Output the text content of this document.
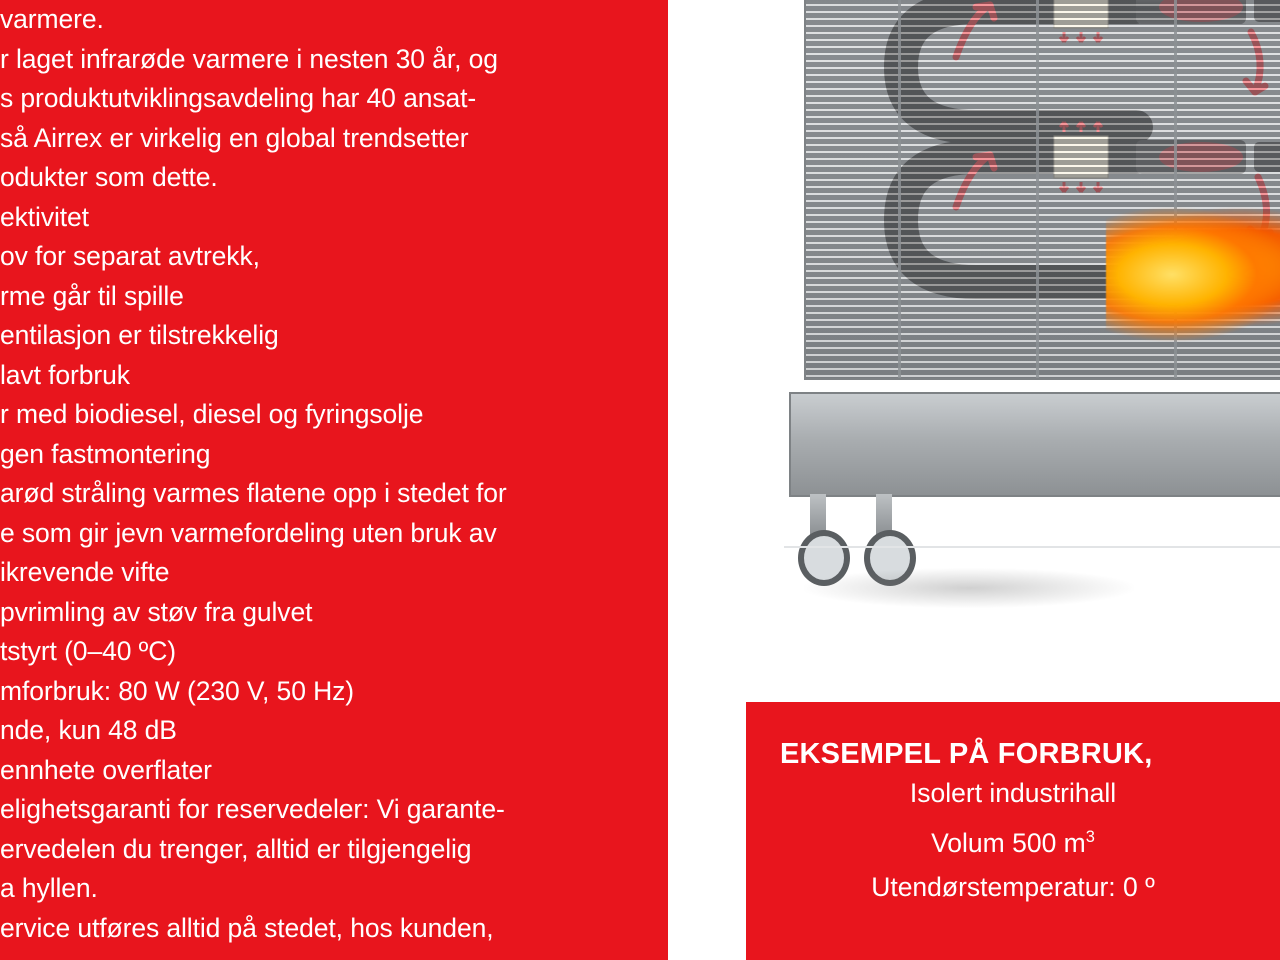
varmere.
r laget infrarøde varmere i nesten 30 år, og
s produktutviklingsavdeling har 40 ansat-
så Airrex er virkelig en global trendsetter
odukter som dette.
ektivitet
ov for separat avtrekk,
rme går til spille
entilasjon er tilstrekkelig
lavt forbruk
r med biodiesel, diesel og fyringsolje
gen fastmontering
arød stråling varmes flatene opp i stedet for
e som gir jevn varmefordeling uten bruk av
ikrevende vifte
pvrimling av støv fra gulvet
tstyrt (0–40 ºC)
mforbruk: 80 W (230 V, 50 Hz)
nde, kun 48 dB
ennhete overflater
elighetsgaranti for reservedeler: Vi garante-
ervedelen du trenger, alltid er tilgjengelig
a hyllen.
ervice utføres alltid på stedet, hos kunden,
EKSEMPEL PÅ FORBRUK,
Isolert industrihall
Volum 500 $m^3$
Utendørstemperatur: 0 º
